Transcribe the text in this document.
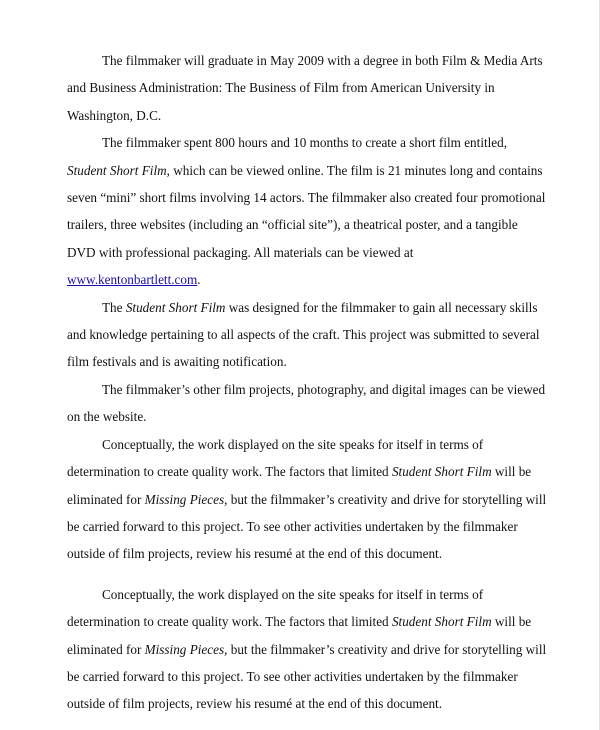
The filmmaker will graduate in May 2009 with a degree in both Film & Media Arts and Business Administration: The Business of Film from American University in Washington, D.C.

The filmmaker spent 800 hours and 10 months to create a short film entitled, Student Short Film, which can be viewed online. The film is 21 minutes long and contains seven “mini” short films involving 14 actors. The filmmaker also created four promotional trailers, three websites (including an “official site”), a theatrical poster, and a tangible DVD with professional packaging. All materials can be viewed at www.kentonbartlett.com.

The Student Short Film was designed for the filmmaker to gain all necessary skills and knowledge pertaining to all aspects of the craft. This project was submitted to several film festivals and is awaiting notification.

The filmmaker’s other film projects, photography, and digital images can be viewed on the website.

Conceptually, the work displayed on the site speaks for itself in terms of determination to create quality work. The factors that limited Student Short Film will be eliminated for Missing Pieces, but the filmmaker’s creativity and drive for storytelling will be carried forward to this project. To see other activities undertaken by the filmmaker outside of film projects, review his resumé at the end of this document.

Conceptually, the work displayed on the site speaks for itself in terms of determination to create quality work. The factors that limited Student Short Film will be eliminated for Missing Pieces, but the filmmaker’s creativity and drive for storytelling will be carried forward to this project. To see other activities undertaken by the filmmaker outside of film projects, review his resumé at the end of this document.
